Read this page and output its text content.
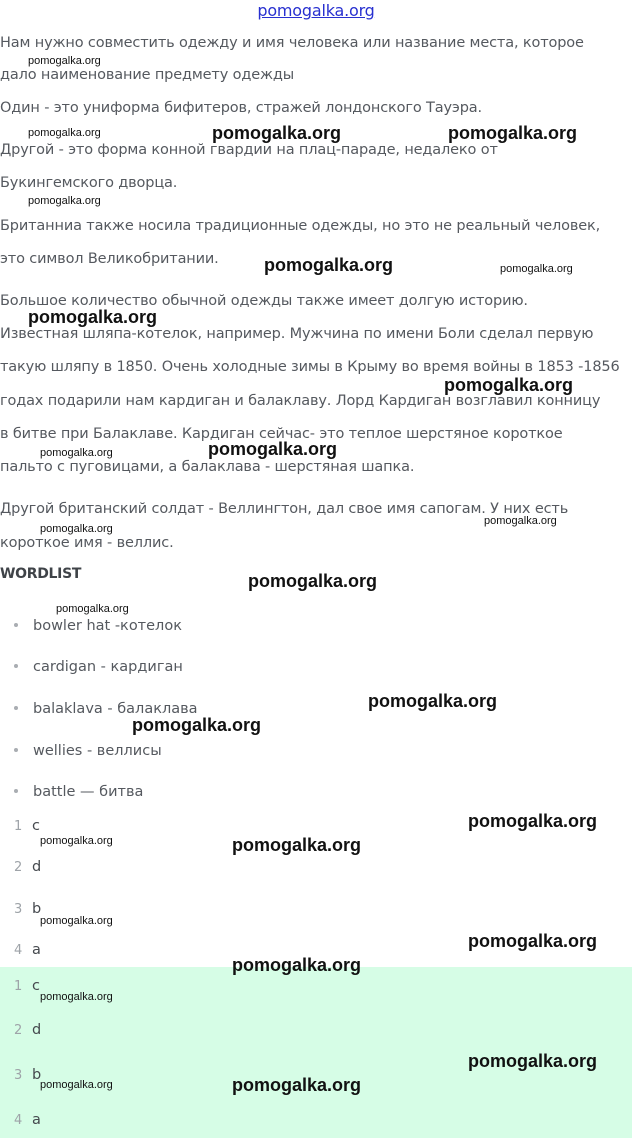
pomogalka.org
Нам нужно совместить одежду и имя человека или название места, которое
дало наименование предмету одежды
Один - это униформа бифитеров, стражей лондонского Тауэра.
Другой - это форма конной гвардии на плац-параде, недалеко от
Букингемского дворца.
Британниа также носила традиционные одежды, но это не реальный человек,
это символ Великобритании.
Большое количество обычной одежды также имеет долгую историю.
Известная шляпа-котелок, например. Мужчина по имени Боли сделал первую
такую шляпу в 1850. Очень холодные зимы в Крыму во время войны в 1853 -1856
годах подарили нам кардиган и балаклаву. Лорд Кардиган возглавил конницу
в битве при Балаклаве. Кардиган сейчас- это теплое шерстяное короткое
пальто с пуговицами, а балаклава - шерстяная шапка.
Другой британский солдат - Веллингтон, дал свое имя сапогам. У них есть
короткое имя - веллис.
WORDLIST
bowler hat -котелок
cardigan - кардиган
balaklava - балаклава
wellies - веллисы
battle — битва
1 c
2 d
3 b
4 a
1 c
2 d
3 b
4 a
pomogalka.org
pomogalka.org	pomogalka.org	pomogalka.org
pomogalka.org
pomogalka.org	pomogalka.org
pomogalka.org
pomogalka.org
pomogalka.org
pomogalka.org
pomogalka.org
pomogalka.org
pomogalka.org
pomogalka.org
pomogalka.org
pomogalka.org
pomogalka.org
pomogalka.org	pomogalka.org
pomogalka.org
pomogalka.org
pomogalka.org
pomogalka.org
pomogalka.org
pomogalka.org
pomogalka.org
